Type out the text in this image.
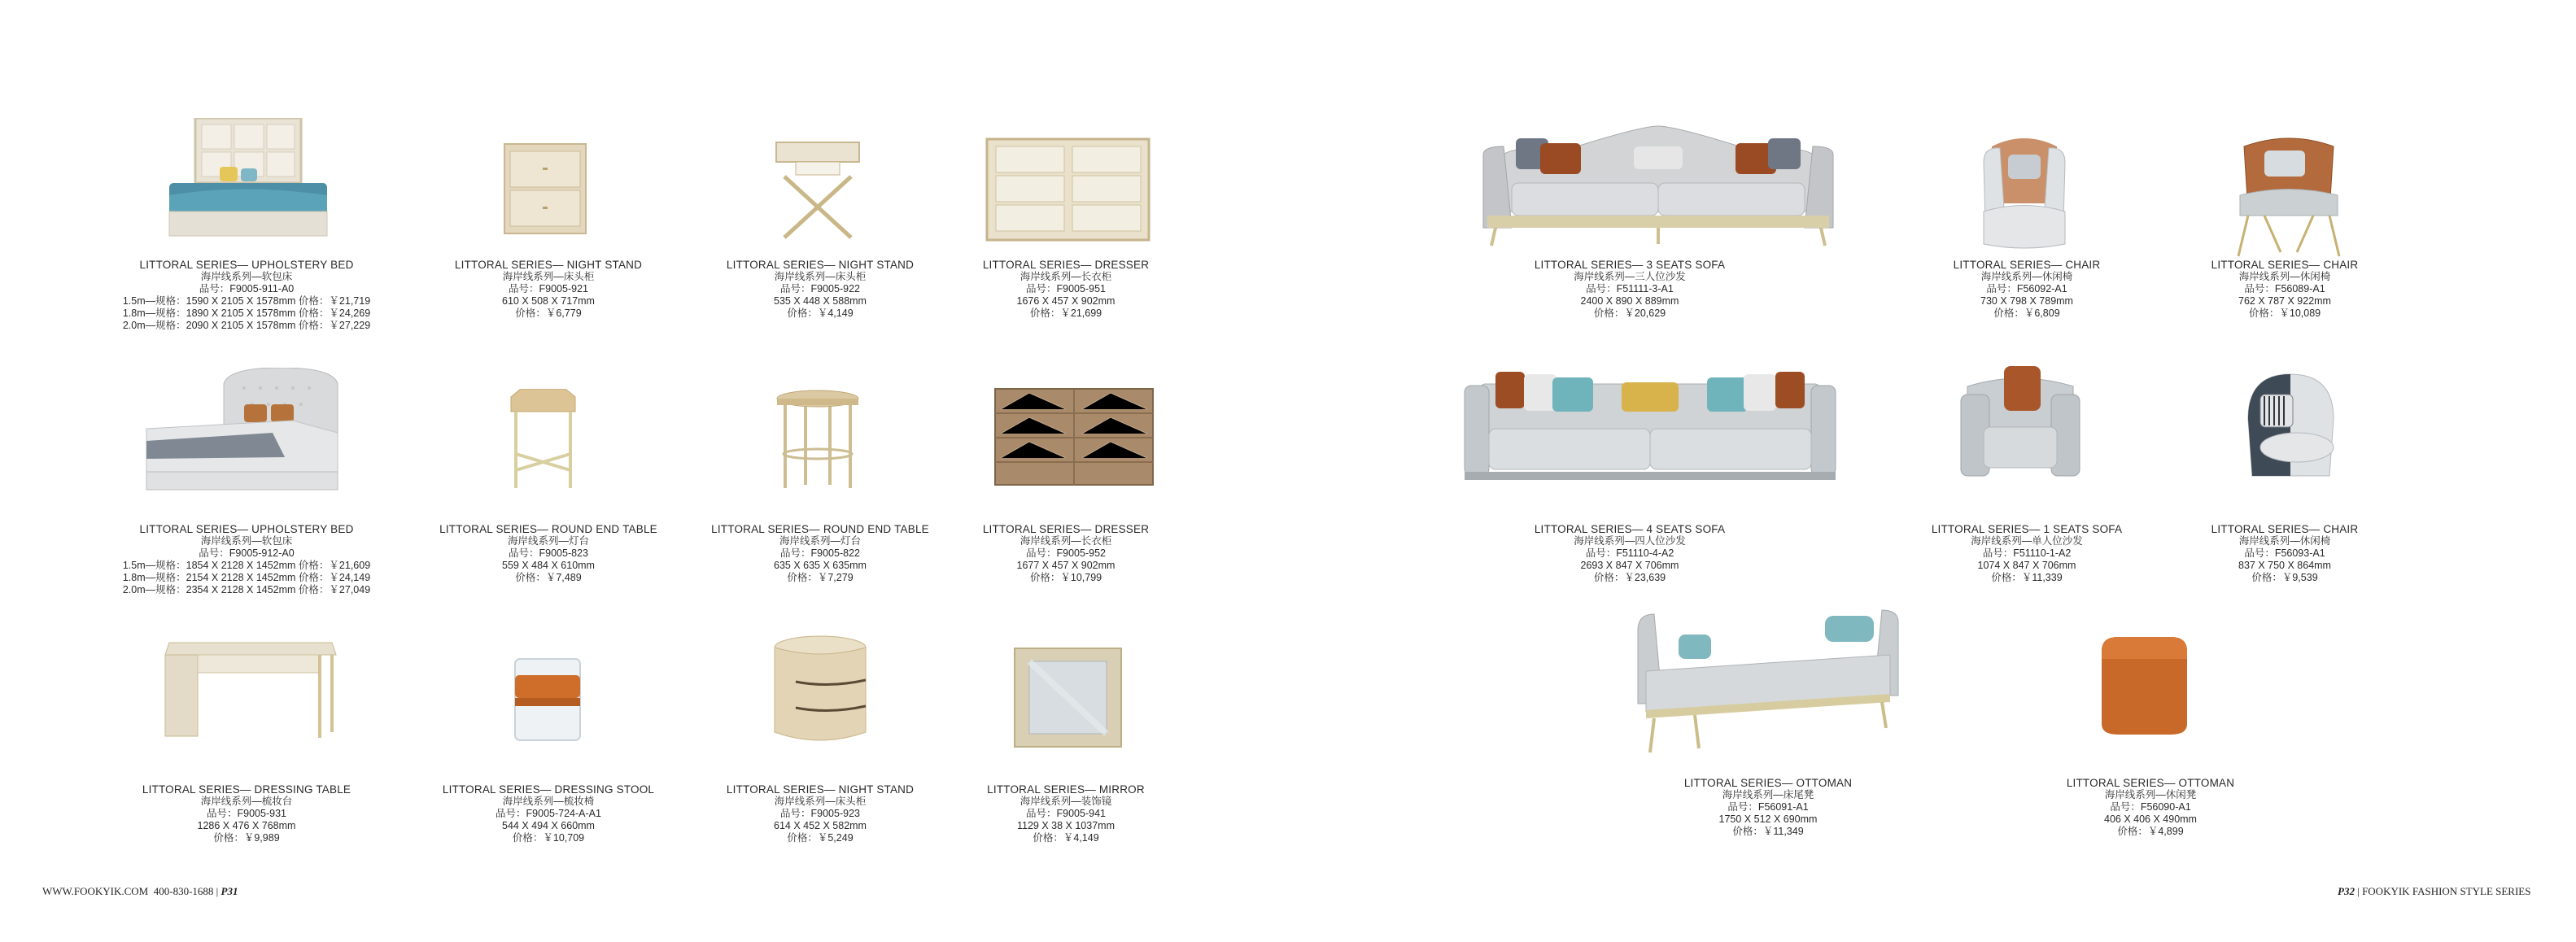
LITTORAL SERIES— UPHOLSTERY BED
海岸线系列—软包床
品号：F9005-911-A0
1.5m—规格：1590 X 2105 X 1578mm 价格：￥21,719
1.8m—规格：1890 X 2105 X 1578mm 价格：￥24,269
2.0m—规格：2090 X 2105 X 1578mm 价格：￥27,229
LITTORAL SERIES— NIGHT STAND
海岸线系列—床头柜
品号：F9005-921
610 X 508 X 717mm
价格：￥6,779
LITTORAL SERIES— NIGHT STAND
海岸线系列—床头柜
品号：F9005-922
535 X 448 X 588mm
价格：￥4,149
LITTORAL SERIES— DRESSER
海岸线系列—长衣柜
品号：F9005-951
1676 X 457 X 902mm
价格：￥21,699
LITTORAL SERIES— UPHOLSTERY BED
海岸线系列—软包床
品号：F9005-912-A0
1.5m—规格：1854 X 2128 X 1452mm 价格：￥21,609
1.8m—规格：2154 X 2128 X 1452mm 价格：￥24,149
2.0m—规格：2354 X 2128 X 1452mm 价格：￥27,049
LITTORAL SERIES— ROUND END TABLE
海岸线系列—灯台
品号：F9005-823
559 X 484 X 610mm
价格：￥7,489
LITTORAL SERIES— ROUND END TABLE
海岸线系列—灯台
品号：F9005-822
635 X 635 X 635mm
价格：￥7,279
LITTORAL SERIES— DRESSER
海岸线系列—长衣柜
品号：F9005-952
1677 X 457 X 902mm
价格：￥10,799
LITTORAL SERIES— DRESSING TABLE
海岸线系列—梳妆台
品号：F9005-931
1286 X 476 X 768mm
价格：￥9,989
LITTORAL SERIES— DRESSING STOOL
海岸线系列—梳妆椅
品号：F9005-724-A-A1
544 X 494 X 660mm
价格：￥10,709
LITTORAL SERIES— NIGHT STAND
海岸线系列—床头柜
品号：F9005-923
614 X 452 X 582mm
价格：￥5,249
LITTORAL SERIES— MIRROR
海岸线系列—装饰镜
品号：F9005-941
1129 X 38 X 1037mm
价格：￥4,149
WWW.FOOKYIK.COM 400-830-1688 | P31
LITTORAL SERIES— 3 SEATS SOFA
海岸线系列—三人位沙发
品号：F51111-3-A1
2400 X 890 X 889mm
价格：￥20,629
LITTORAL SERIES— CHAIR
海岸线系列—休闲椅
品号：F56092-A1
730 X 798 X 789mm
价格：￥6,809
LITTORAL SERIES— CHAIR
海岸线系列—休闲椅
品号：F56089-A1
762 X 787 X 922mm
价格：￥10,089
LITTORAL SERIES— 4 SEATS SOFA
海岸线系列—四人位沙发
品号：F51110-4-A2
2693 X 847 X 706mm
价格：￥23,639
LITTORAL SERIES— 1 SEATS SOFA
海岸线系列—单人位沙发
品号：F51110-1-A2
1074 X 847 X 706mm
价格：￥11,339
LITTORAL SERIES— CHAIR
海岸线系列—休闲椅
品号：F56093-A1
837 X 750 X 864mm
价格：￥9,539
LITTORAL SERIES— OTTOMAN
海岸线系列—床尾凳
品号：F56091-A1
1750 X 512 X 690mm
价格：￥11,349
LITTORAL SERIES— OTTOMAN
海岸线系列—休闲凳
品号：F56090-A1
406 X 406 X 490mm
价格：￥4,899
P32 | FOOKYIK FASHION STYLE SERIES
